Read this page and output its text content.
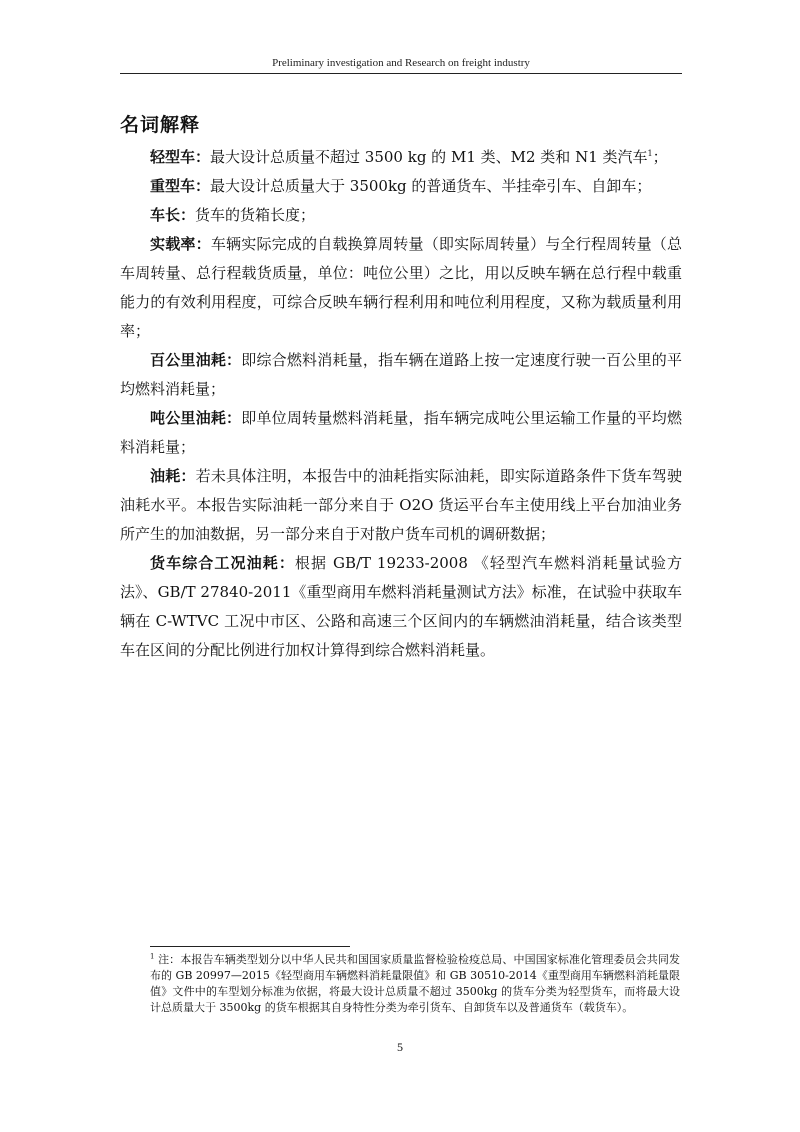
Preliminary investigation and Research on freight industry
名词解释

轻型车：最大设计总质量不超过 3500 kg 的 M1 类、M2 类和 N1 类汽车$^1$；

重型车：最大设计总质量大于 3500kg 的普通货车、半挂牵引车、自卸车；

车长：货车的货箱长度；

实载率：车辆实际完成的自载换算周转量（即实际周转量）与全行程周转量（总车周转量、总行程载货质量，单位：吨位公里）之比，用以反映车辆在总行程中载重能力的有效利用程度，可综合反映车辆行程利用和吨位利用程度，又称为载质量利用率；

百公里油耗：即综合燃料消耗量，指车辆在道路上按一定速度行驶一百公里的平均燃料消耗量；

吨公里油耗：即单位周转量燃料消耗量，指车辆完成吨公里运输工作量的平均燃料消耗量；

油耗：若未具体注明，本报告中的油耗指实际油耗，即实际道路条件下货车驾驶油耗水平。本报告实际油耗一部分来自于 O2O 货运平台车主使用线上平台加油业务所产生的加油数据，另一部分来自于对散户货车司机的调研数据；

货车综合工况油耗：根据 GB/T 19233-2008 《轻型汽车燃料消耗量试验方法》、GB/T 27840-2011《重型商用车燃料消耗量测试方法》标准，在试验中获取车辆在 C-WTVC 工况中市区、公路和高速三个区间内的车辆燃油消耗量，结合该类型车在区间的分配比例进行加权计算得到综合燃料消耗量。

$^1$ 注：本报告车辆类型划分以中华人民共和国国家质量监督检验检疫总局、中国国家标准化管理委员会共同发布的 GB 20997—2015《轻型商用车辆燃料消耗量限值》和 GB 30510-2014《重型商用车辆燃料消耗量限值》文件中的车型划分标准为依据，将最大设计总质量不超过 3500kg 的货车分类为轻型货车，而将最大设计总质量大于 3500kg 的货车根据其自身特性分类为牵引货车、自卸货车以及普通货车（载货车）。
5
